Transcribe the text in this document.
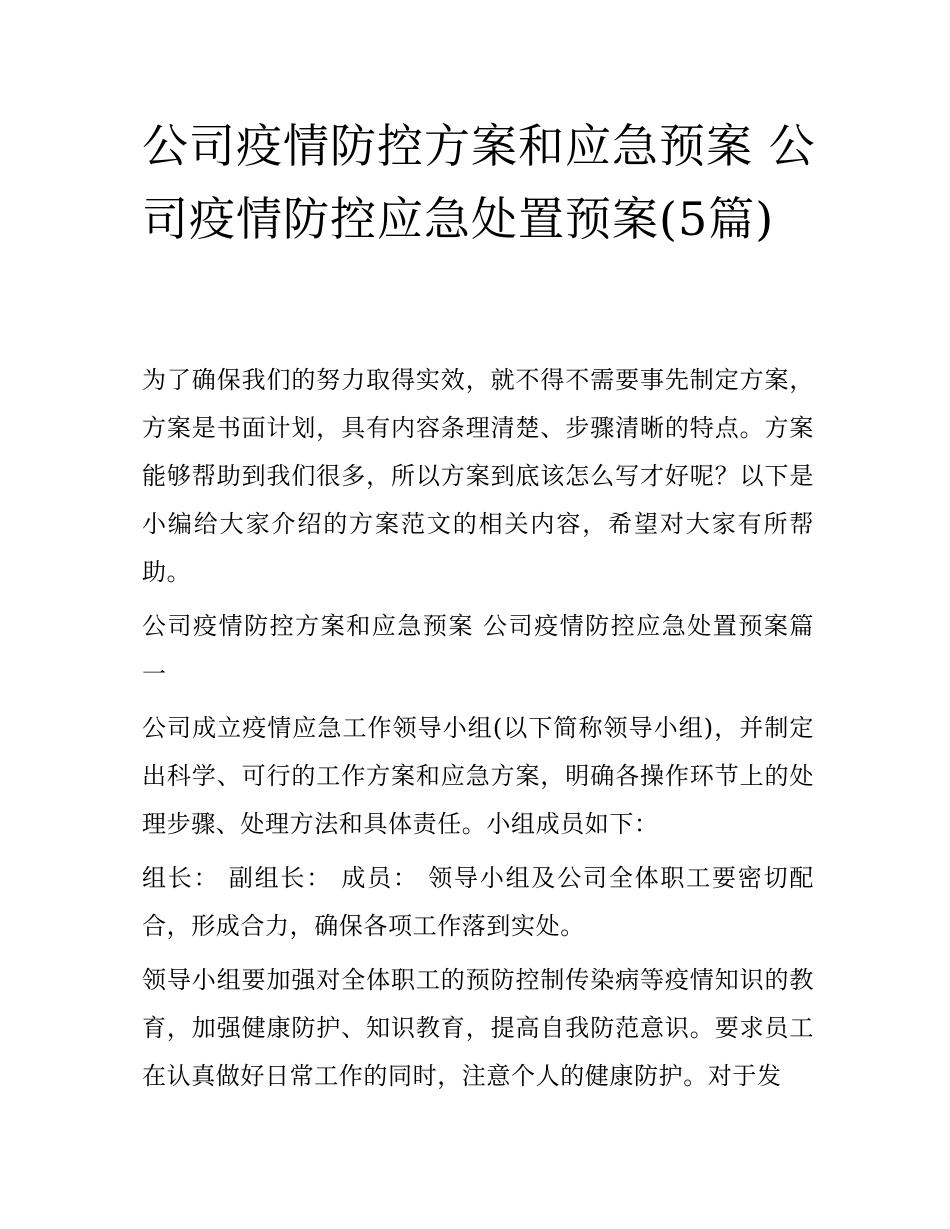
公司疫情防控方案和应急预案 公司疫情防控应急处置预案(5篇)

为了确保我们的努力取得实效，就不得不需要事先制定方案，方案是书面计划，具有内容条理清楚、步骤清晰的特点。方案能够帮助到我们很多，所以方案到底该怎么写才好呢？以下是小编给大家介绍的方案范文的相关内容，希望对大家有所帮助。

公司疫情防控方案和应急预案 公司疫情防控应急处置预案篇一

公司成立疫情应急工作领导小组(以下简称领导小组)，并制定出科学、可行的工作方案和应急方案，明确各操作环节上的处理步骤、处理方法和具体责任。小组成员如下：

组长： 副组长： 成员： 领导小组及公司全体职工要密切配合，形成合力，确保各项工作落到实处。

领导小组要加强对全体职工的预防控制传染病等疫情知识的教育，加强健康防护、知识教育，提高自我防范意识。要求员工在认真做好日常工作的同时，注意个人的健康防护。对于发
